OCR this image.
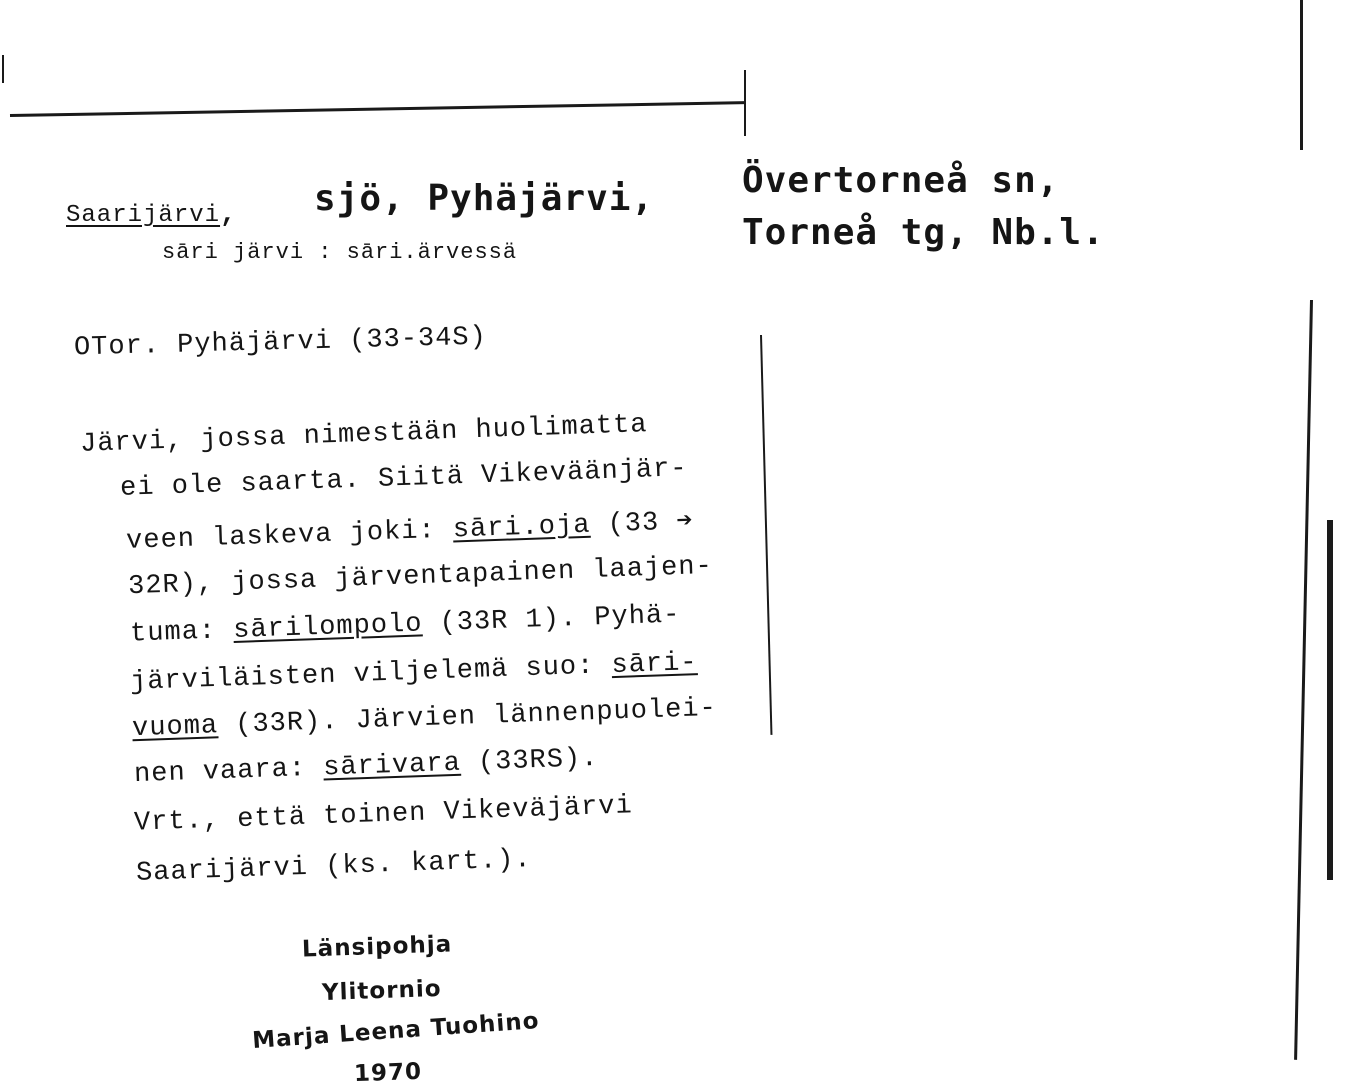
Saarijärvi, sjö, Pyhäjärvi, Övertorneå sn,
Torneå tg, Nb.l.
sāri järvi : sāri.ärvessä
OTor. Pyhäjärvi (33-34S)
Järvi, jossa nimestään huolimatta
ei ole saarta. Siitä Vikeväänjär-
veen laskeva joki: sāri.oja (33 ➔
32R), jossa järventapainen laajen-
tuma: sārilompolo (33R 1). Pyhä-
järviläisten viljelemä suo: sāri-
vuoma (33R). Järvien lännenpuolei-
nen vaara: sārivara (33RS).
Vrt., että toinen Vikeväjärvi
Saarijärvi (ks. kart.).
Länsipohja
Ylitornio
Marja Leena Tuohino
1970
